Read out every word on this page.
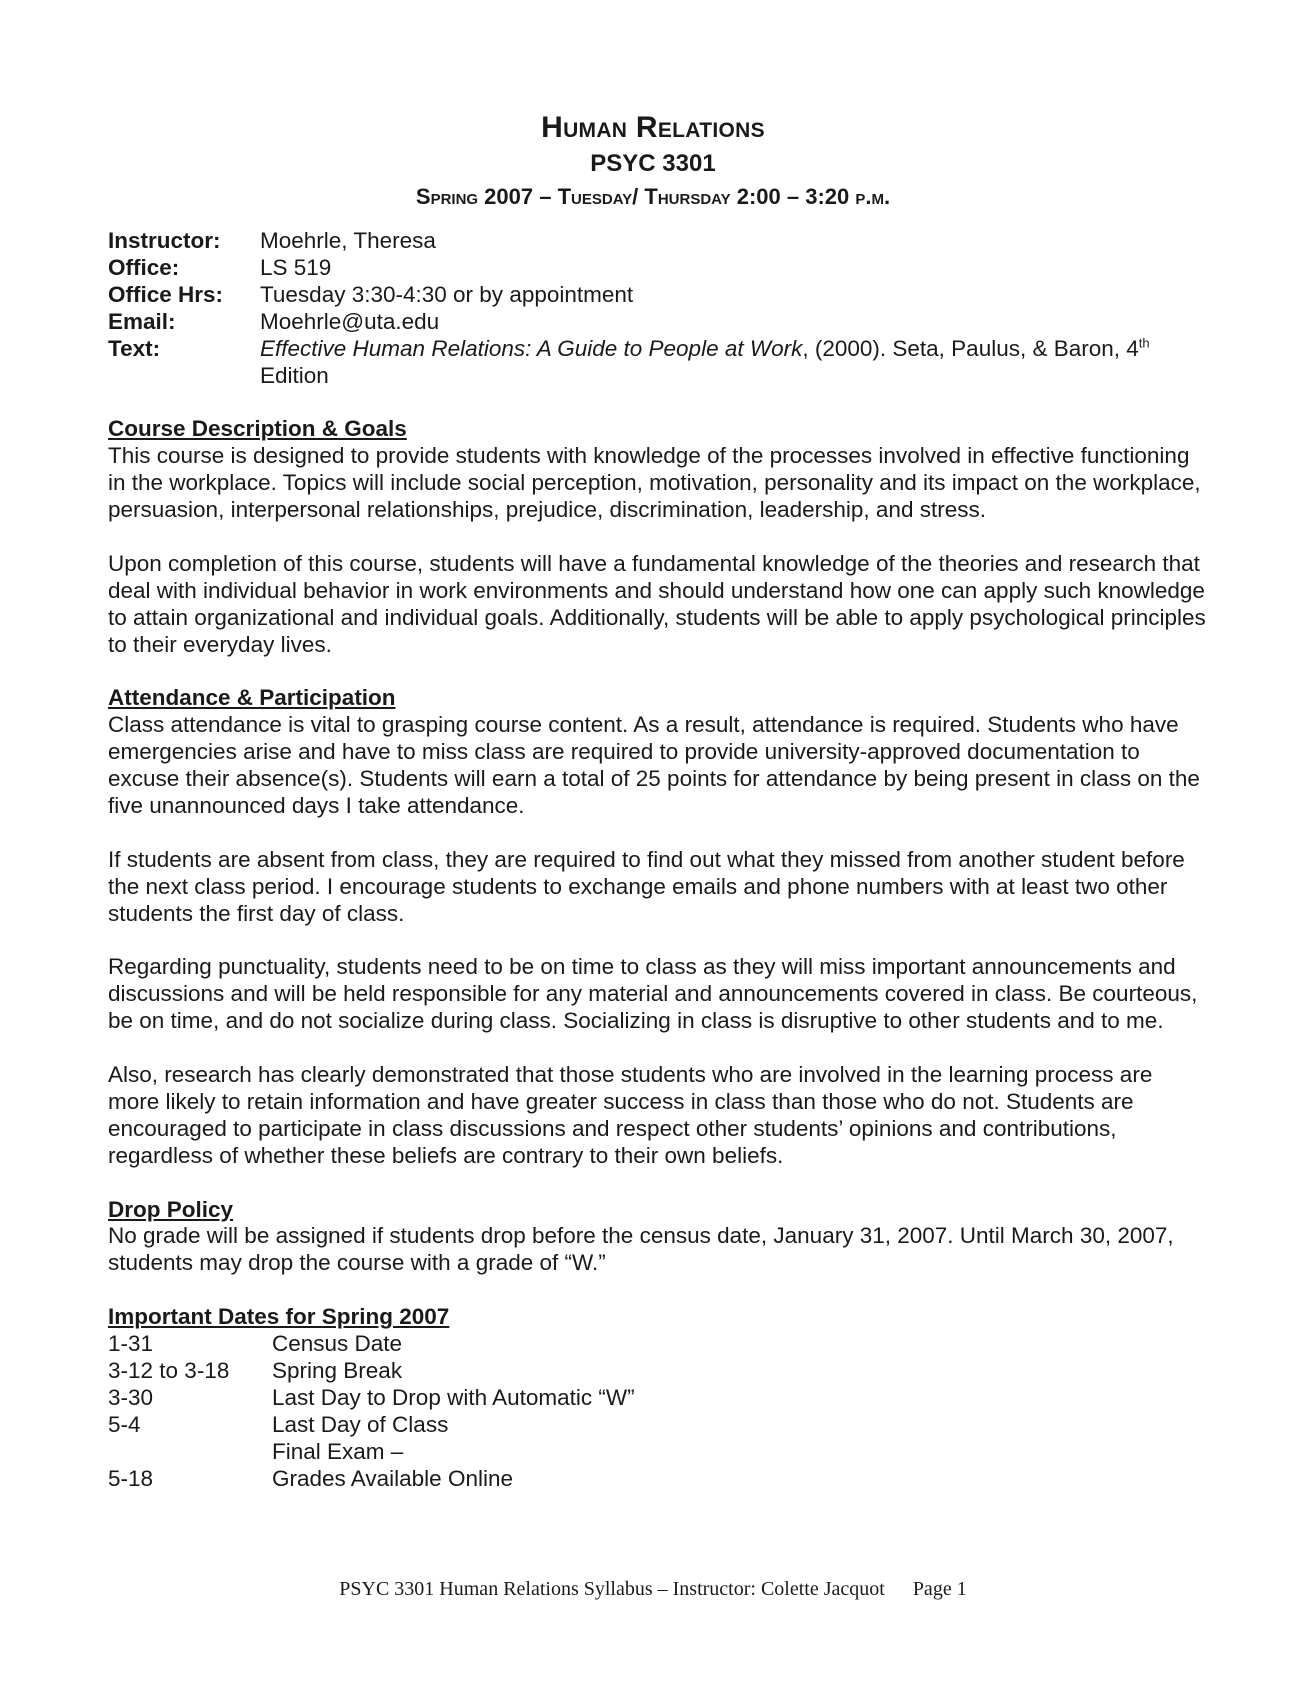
Human Relations
PSYC 3301
Spring 2007 – Tuesday/ Thursday 2:00 – 3:20 p.m.
Instructor:	Moehrle, Theresa
Office:	LS 519
Office Hrs:	Tuesday 3:30-4:30 or by appointment
Email:	Moehrle@uta.edu
Text:	Effective Human Relations: A Guide to People at Work, (2000). Seta, Paulus, & Baron, 4th
Edition
Course Description & Goals

This course is designed to provide students with knowledge of the processes involved in effective functioning in the workplace. Topics will include social perception, motivation, personality and its impact on the workplace, persuasion, interpersonal relationships, prejudice, discrimination, leadership, and stress.

Upon completion of this course, students will have a fundamental knowledge of the theories and research that deal with individual behavior in work environments and should understand how one can apply such knowledge to attain organizational and individual goals. Additionally, students will be able to apply psychological principles to their everyday lives.

Attendance & Participation

Class attendance is vital to grasping course content. As a result, attendance is required. Students who have emergencies arise and have to miss class are required to provide university-approved documentation to excuse their absence(s). Students will earn a total of 25 points for attendance by being present in class on the five unannounced days I take attendance.

If students are absent from class, they are required to find out what they missed from another student before the next class period. I encourage students to exchange emails and phone numbers with at least two other students the first day of class.

Regarding punctuality, students need to be on time to class as they will miss important announcements and discussions and will be held responsible for any material and announcements covered in class. Be courteous, be on time, and do not socialize during class. Socializing in class is disruptive to other students and to me.

Also, research has clearly demonstrated that those students who are involved in the learning process are more likely to retain information and have greater success in class than those who do not. Students are encouraged to participate in class discussions and respect other students’ opinions and contributions, regardless of whether these beliefs are contrary to their own beliefs.

Drop Policy

No grade will be assigned if students drop before the census date, January 31, 2007. Until March 30, 2007, students may drop the course with a grade of “W.”

Important Dates for Spring 2007
1-31	Census Date
3-12 to 3-18	Spring Break
3-30	Last Day to Drop with Automatic “W”
5-4	Last Day of Class
Final Exam –
5-18	Grades Available Online
PSYC 3301 Human Relations Syllabus – Instructor: Colette Jacquot Page 1
